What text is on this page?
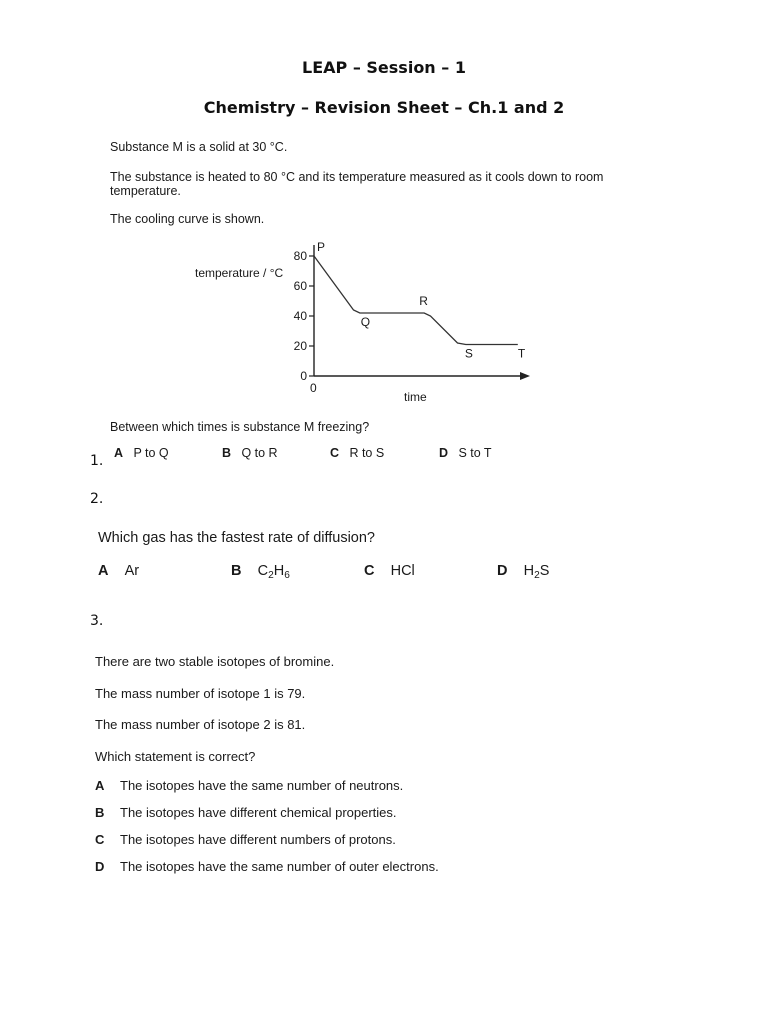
LEAP – Session – 1
Chemistry – Revision Sheet – Ch.1 and 2
Substance M is a solid at 30 °C.
The substance is heated to 80 °C and its temperature measured as it cools down to room
temperature.
The cooling curve is shown.
temperature / °C
0
20
40
60
80
0
time
P
Q
R
S	T
Between which times is substance M freezing?
1. A P to Q	B Q to R	C R to S	D S to T
2.
Which gas has the fastest rate of diffusion?
A Ar	B $C_2H_6$	C HCl	D $H_2S$
3.
There are two stable isotopes of bromine.
The mass number of isotope 1 is 79.
The mass number of isotope 2 is 81.
Which statement is correct?
A The isotopes have the same number of neutrons.
B The isotopes have different chemical properties.
C The isotopes have different numbers of protons.
D The isotopes have the same number of outer electrons.
